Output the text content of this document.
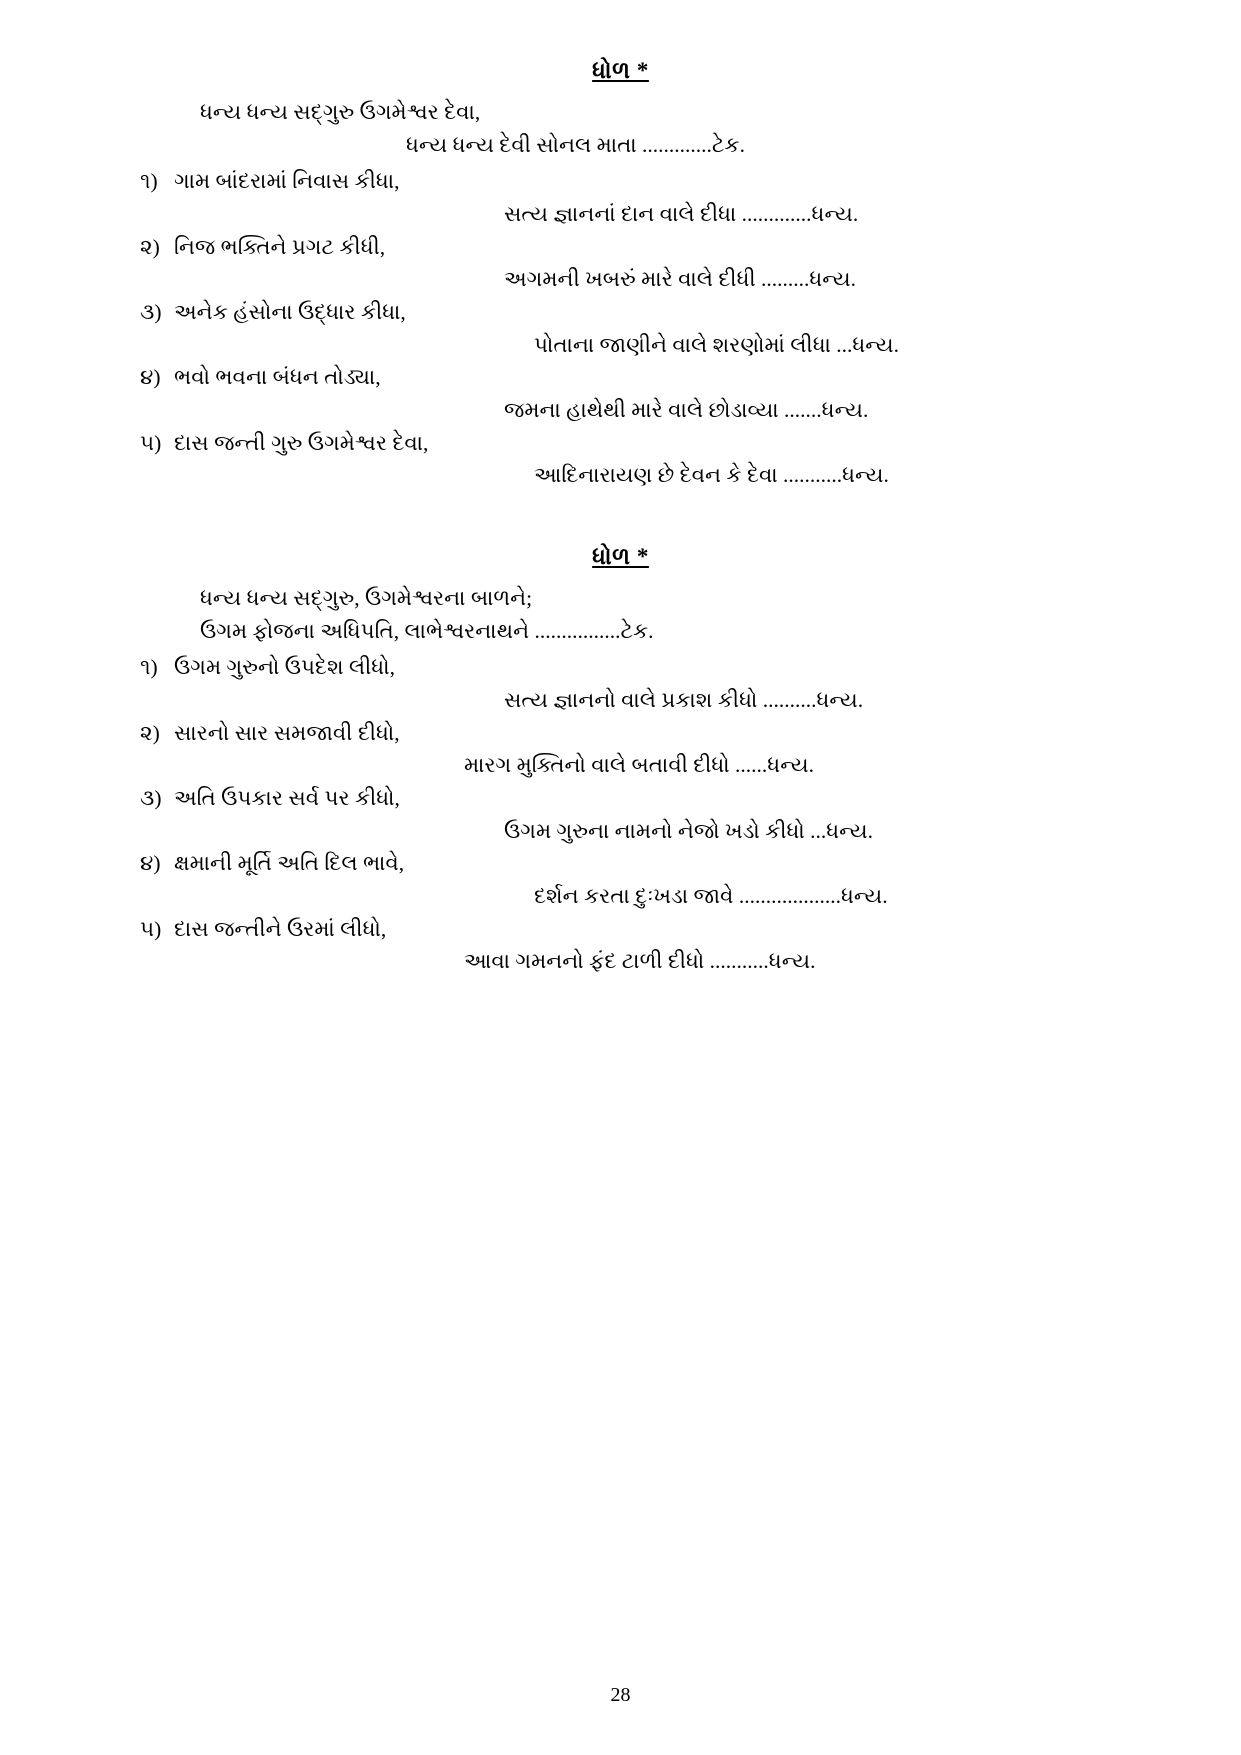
ધોળ *
ધન્ય ધન્ય સદ્‍ગુરુ ઉગમેશ્વર દેવા,
ધન્ય ધન્ય દેવી સોનલ માતા .............ટેક.
૧) ગામ બાંદરામાં નિવાસ કીધા,
સત્ય જ્ઞાનનાં દાન વાલે દીધા .............ધન્ય.
૨) નિજ ભક્તિને પ્રગટ કીધી,
અગમની ખબરું મારે વાલે દીધી .........ધન્ય.
૩) અનેક હંસોના ઉદ્ધાર કીધા,
પોતાના જાણીને વાલે શરણોમાં લીધા ...ધન્ય.
૪) ભવો ભવના બંધન તોડ્યા,
જમના હાથેથી મારે વાલે છોડાવ્યા .......ધન્ય.
૫) દાસ જન્તી ગુરુ ઉગમેશ્વર દેવા,
આદિનારાયણ છે દેવન કે દેવા ...........ધન્ય.
ધોળ *
ધન્ય ધન્ય સદ્‍ગુરુ, ઉગમેશ્વરના બાળને;
ઉગમ ફોજના અધિપતિ, લાભેશ્વરનાથને ................ટેક.
૧) ઉગમ ગુરુનો ઉપદેશ લીધો,
સત્ય જ્ઞાનનો વાલે પ્રકાશ કીધો ..........ધન્ય.
૨) સારનો સાર સમજાવી દીધો,
મારગ મુક્તિનો વાલે બતાવી દીધો ......ધન્ય.
૩) અતિ ઉપકાર સર્વ પર કીધો,
ઉગમ ગુરુના નામનો નેજો ખડો કીધો ...ધન્ય.
૪) ક્ષમાની મૂર્તિ અતિ દિલ ભાવે,
દર્શન કરતા દુઃખડા જાવે ...................ધન્ય.
૫) દાસ જન્તીને ઉરમાં લીધો,
આવા ગમનનો ફંદ ટાળી દીધો ...........ધન્ય.
28
